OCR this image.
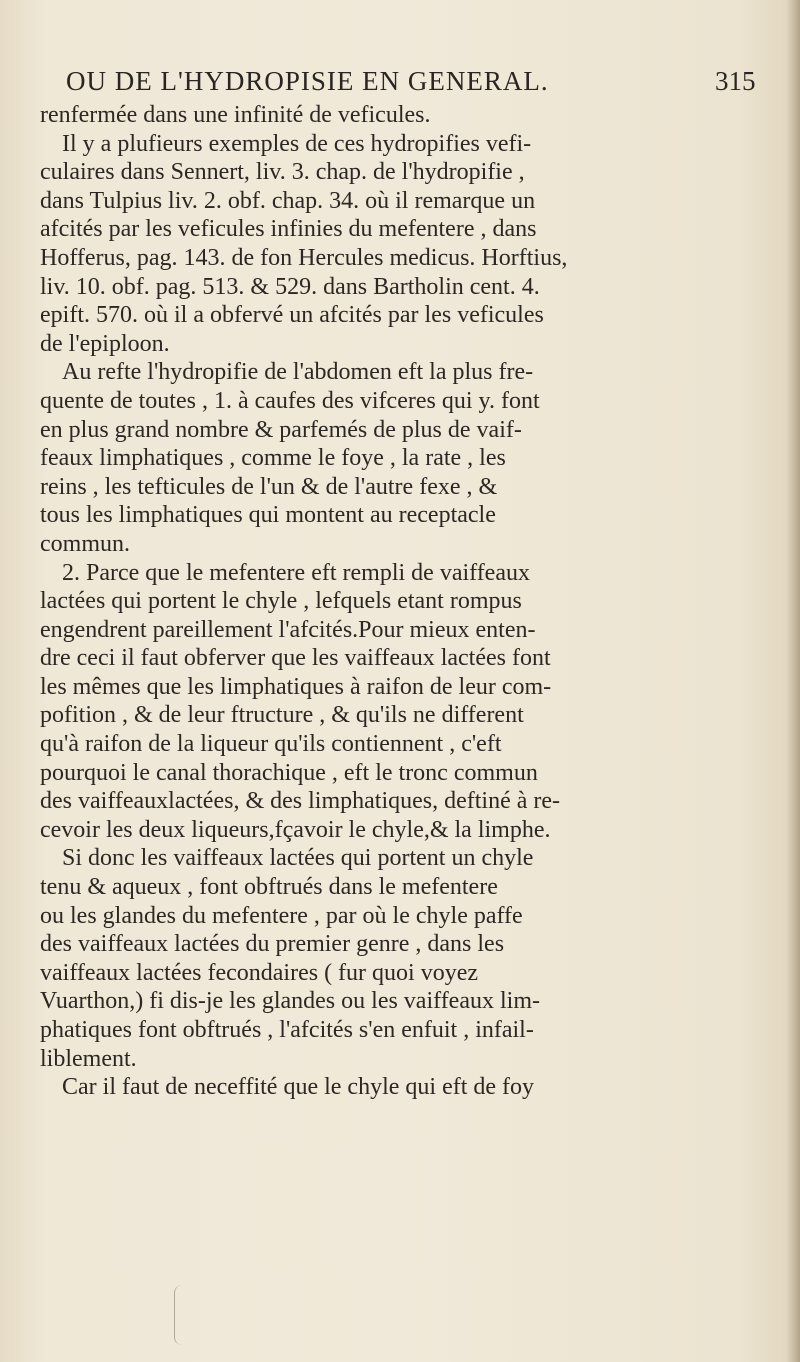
OU DE L'HYDROPISIE EN GENERAL.	315
renfermée dans une infinité de veficules.
Il y a plufieurs exemples de ces hydropifies vefi-
culaires dans Sennert, liv. 3. chap. de l'hydropifie ,
dans Tulpius liv. 2. obf. chap. 34. où il remarque un
afcités par les veficules infinies du mefentere , dans
Hofferus, pag. 143. de fon Hercules medicus. Horftius,
liv. 10. obf. pag. 513. & 529. dans Bartholin cent. 4.
epift. 570. où il a obfervé un afcités par les veficules
de l'epiploon.
Au refte l'hydropifie de l'abdomen eft la plus fre-
quente de toutes , 1. à caufes des vifceres qui y. font
en plus grand nombre & parfemés de plus de vaif-
feaux limphatiques , comme le foye , la rate , les
reins , les tefticules de l'un & de l'autre fexe , &
tous les limphatiques qui montent au receptacle
commun.
2. Parce que le mefentere eft rempli de vaiffeaux
lactées qui portent le chyle , lefquels etant rompus
engendrent pareillement l'afcités.Pour mieux enten-
dre ceci il faut obferver que les vaiffeaux lactées font
les mêmes que les limphatiques à raifon de leur com-
pofition , & de leur ftructure , & qu'ils ne different
qu'à raifon de la liqueur qu'ils contiennent , c'eft
pourquoi le canal thorachique , eft le tronc commun
des vaiffeauxlactées, & des limphatiques, deftiné à re-
cevoir les deux liqueurs,fçavoir le chyle,& la limphe.
Si donc les vaiffeaux lactées qui portent un chyle
tenu & aqueux , font obftrués dans le mefentere
ou les glandes du mefentere , par où le chyle paffe
des vaiffeaux lactées du premier genre , dans les
vaiffeaux lactées fecondaires ( fur quoi voyez
Vuarthon,) fi dis-je les glandes ou les vaiffeaux lim-
phatiques font obftrués , l'afcités s'en enfuit , infail-
liblement.
Car il faut de neceffité que le chyle qui eft de foy
